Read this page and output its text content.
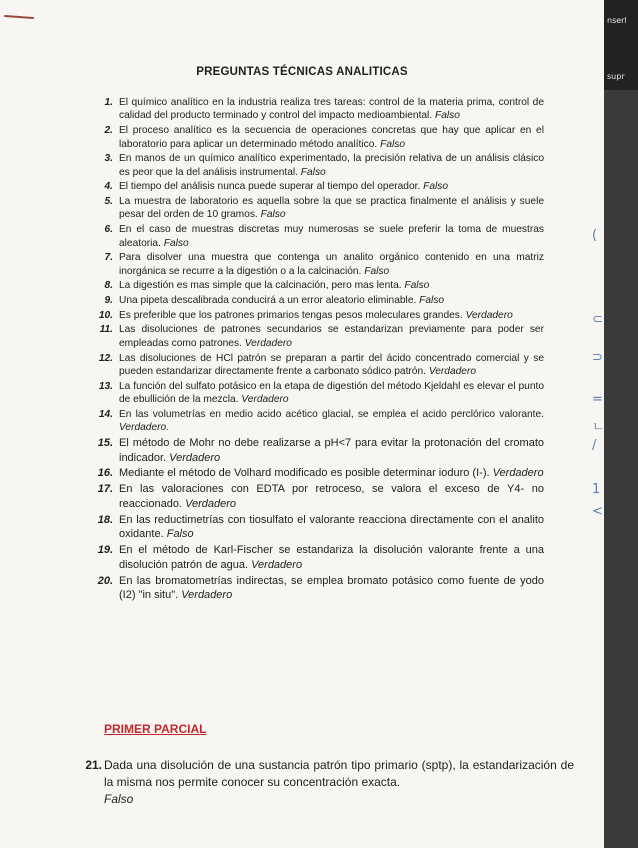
nserl
supr
(
⊂
⊃
=
ㄴ
/
1
<
PREGUNTAS TÉCNICAS ANALITICAS
1. El químico analítico en la industria realiza tres tareas: control de la materia prima, control de calidad del producto terminado y control del impacto medioambiental. Falso
2. El proceso analítico es la secuencia de operaciones concretas que hay que aplicar en el laboratorio para aplicar un determinado método analítico. Falso
3. En manos de un químico analítico experimentado, la precisión relativa de un análisis clásico es peor que la del análisis instrumental. Falso
4. El tiempo del análisis nunca puede superar al tiempo del operador. Falso
5. La muestra de laboratorio es aquella sobre la que se practica finalmente el análisis y suele pesar del orden de 10 gramos. Falso
6. En el caso de muestras discretas muy numerosas se suele preferir la toma de muestras aleatoria. Falso
7. Para disolver una muestra que contenga un analito orgánico contenido en una matriz inorgánica se recurre a la digestión o a la calcinación. Falso
8. La digestión es mas simple que la calcinación, pero mas lenta. Falso
9. Una pipeta descalibrada conducirá a un error aleatorio eliminable. Falso
10. Es preferible que los patrones primarios tengas pesos moleculares grandes. Verdadero
11. Las disoluciones de patrones secundarios se estandarizan previamente para poder ser empleadas como patrones. Verdadero
12. Las disoluciones de HCl patrón se preparan a partir del ácido concentrado comercial y se pueden estandarizar directamente frente a carbonato sódico patrón. Verdadero
13. La función del sulfato potásico en la etapa de digestión del método Kjeldahl es elevar el punto de ebullición de la mezcla. Verdadero
14. En las volumetrías en medio acido acético glacial, se emplea el acido perclórico valorante. Verdadero.
15. El método de Mohr no debe realizarse a pH<7 para evitar la protonación del cromato indicador. Verdadero
16. Mediante el método de Volhard modificado es posible determinar ioduro (I-). Verdadero
17. En las valoraciones con EDTA por retroceso, se valora el exceso de Y4- no reaccionado. Verdadero
18. En las reductimetrías con tiosulfato el valorante reacciona directamente con el analito oxidante. Falso
19. En el método de Karl-Fischer se estandariza la disolución valorante frente a una disolución patrón de agua. Verdadero
20. En las bromatometrías indirectas, se emplea bromato potásico como fuente de yodo (I2) "in situ". Verdadero
PRIMER PARCIAL
21. Dada una disolución de una sustancia patrón tipo primario (sptp), la estandarización de la misma nos permite conocer su concentración exacta.
Falso
